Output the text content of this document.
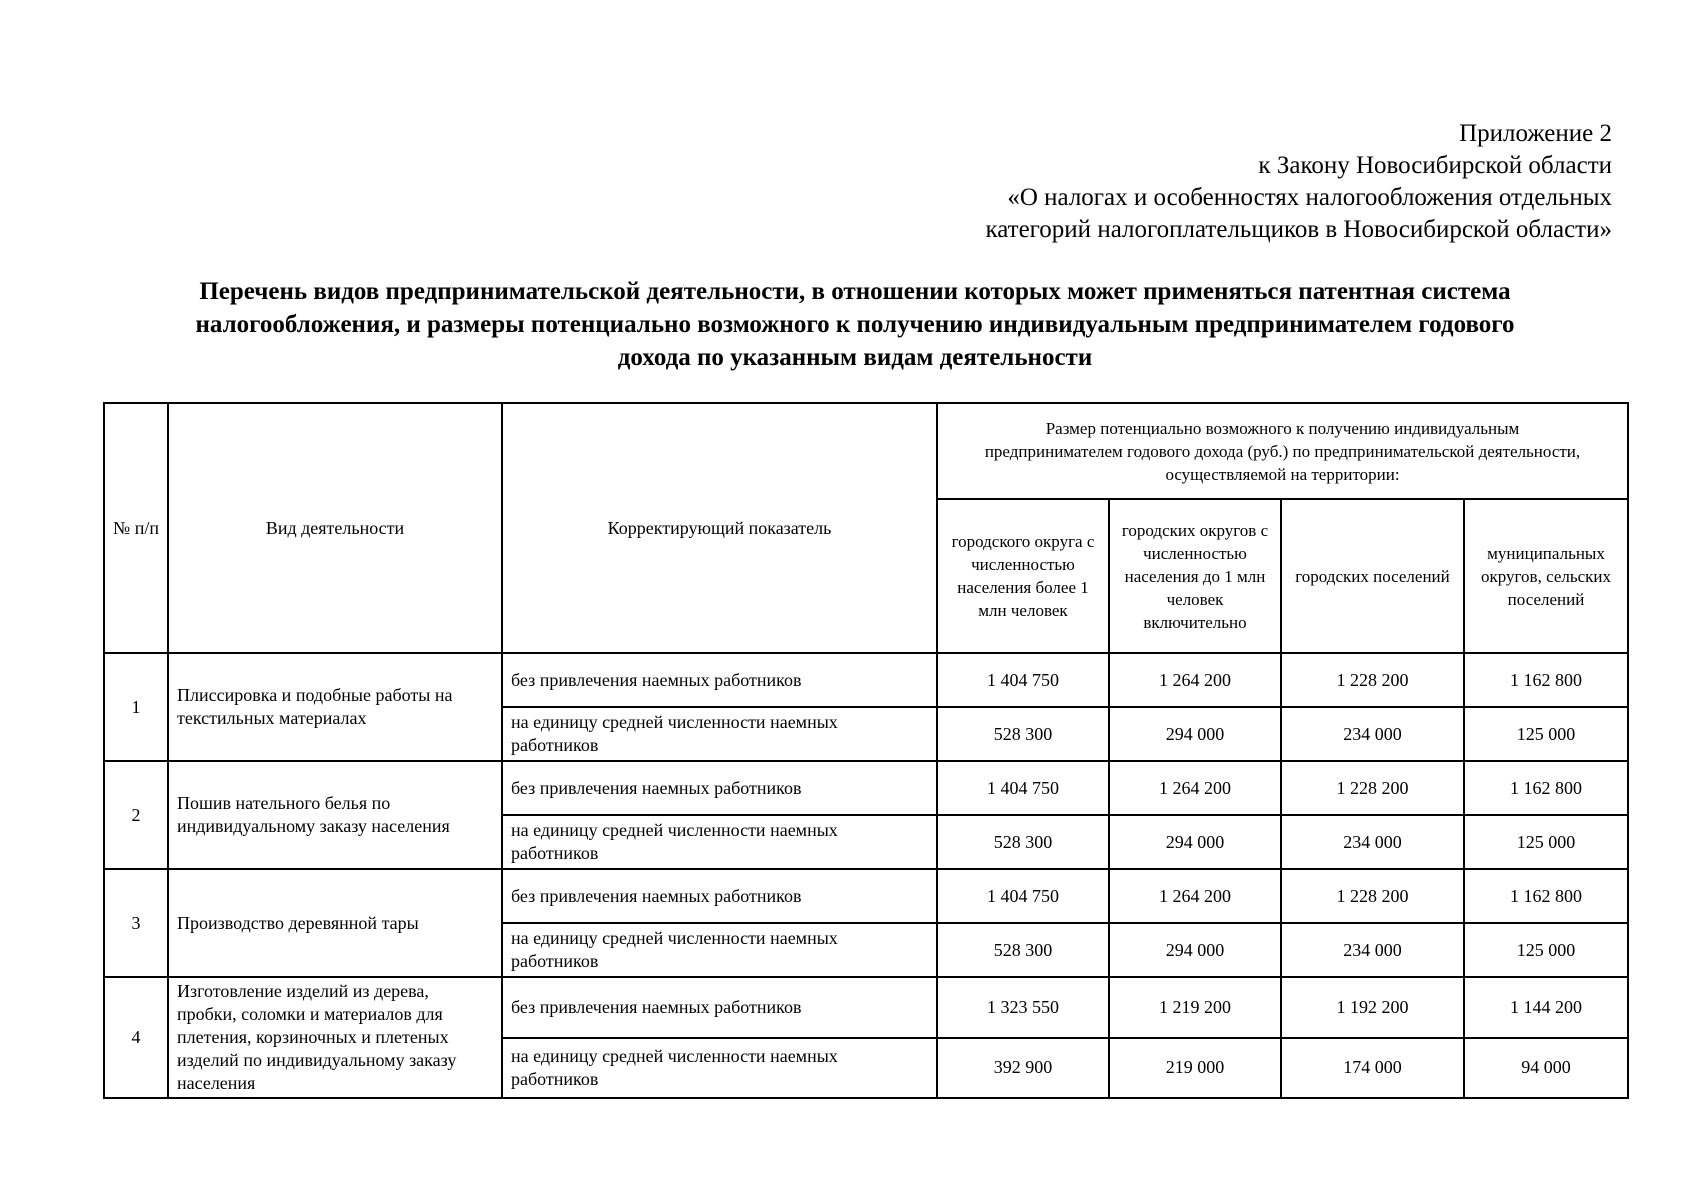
Приложение 2
к Закону Новосибирской области
«О налогах и особенностях налогообложения отдельных
категорий налогоплательщиков в Новосибирской области»
Перечень видов предпринимательской деятельности, в отношении которых может применяться патентная система
налогообложения, и размеры потенциально возможного к получению индивидуальным предпринимателем годового
дохода по указанным видам деятельности
№ п/п	Вид деятельности	Корректирующий показатель	Размер потенциально возможного к получению индивидуальным предпринимателем годового дохода (руб.) по предпринимательской деятельности, осуществляемой на территории:			
			городского округа с численностью населения более 1 млн человек	городских округов с численностью населения до 1 млн человек включительно	городских поселений	муниципальных округов, сельских поселений
1	Плиссировка и подобные работы на текстильных материалах	без привлечения наемных работников	1 404 750	1 264 200	1 228 200	1 162 800
		на единицу средней численности наемных работников	528 300	294 000	234 000	125 000
2	Пошив нательного белья по индивидуальному заказу населения	без привлечения наемных работников	1 404 750	1 264 200	1 228 200	1 162 800
		на единицу средней численности наемных работников	528 300	294 000	234 000	125 000
3	Производство деревянной тары	без привлечения наемных работников	1 404 750	1 264 200	1 228 200	1 162 800
		на единицу средней численности наемных работников	528 300	294 000	234 000	125 000
4	Изготовление изделий из дерева, пробки, соломки и материалов для плетения, корзиночных и плетеных изделий по индивидуальному заказу населения	без привлечения наемных работников	1 323 550	1 219 200	1 192 200	1 144 200
		на единицу средней численности наемных работников	392 900	219 000	174 000	94 000
